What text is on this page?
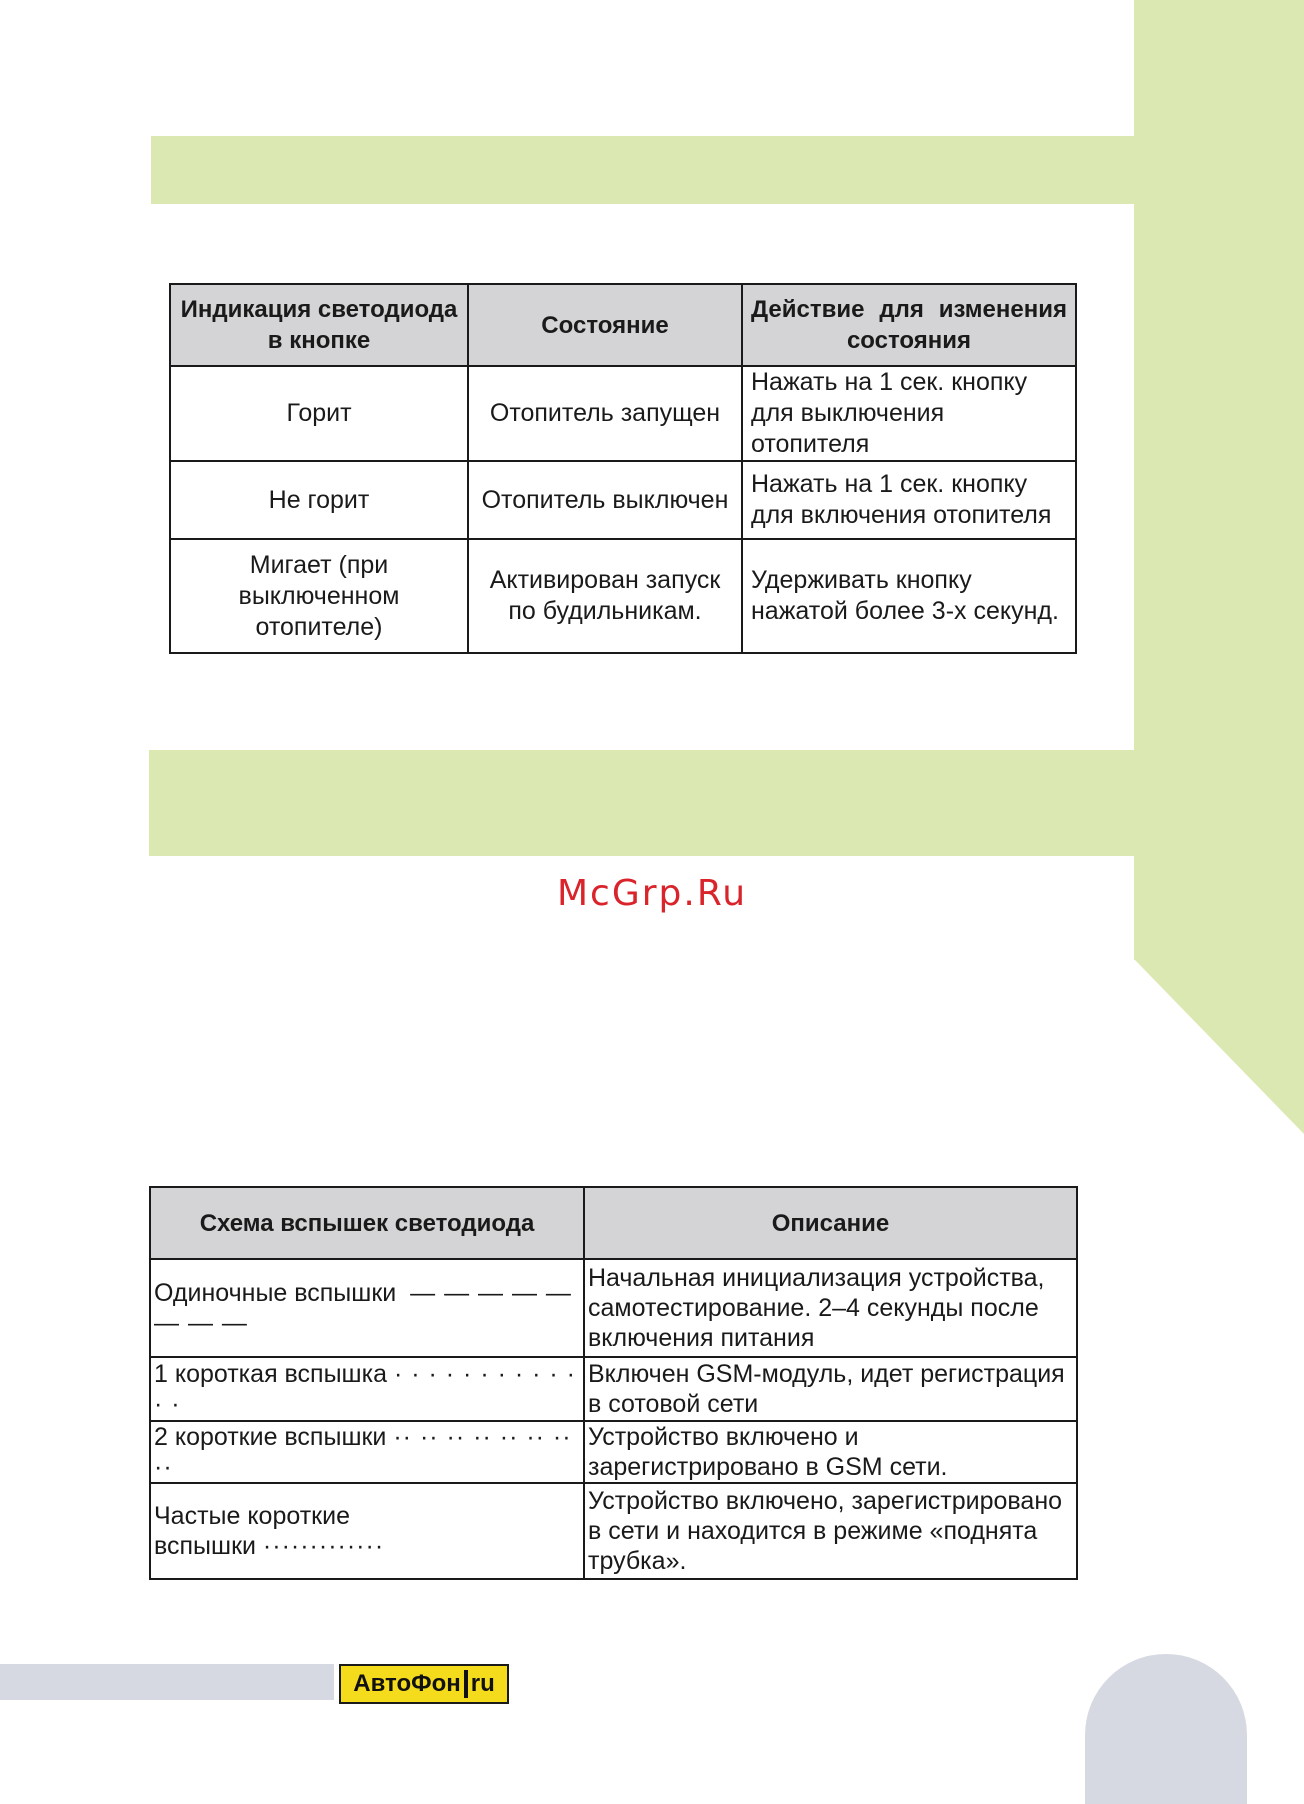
Индикация светодиода в кнопке	Состояние	Действие для изменения состояния
Горит	Отопитель запущен	Нажать на 1 сек. кнопку для выключения отопителя
Не горит	Отопитель выключен	Нажать на 1 сек. кнопку для включения отопителя
Мигает (при выключенном отопителе)	Активирован запуск по будильникам.	Удерживать кнопку нажатой более 3-х секунд.
McGrp.Ru
Схема вспышек светодиода	Описание
Одиночные вспышки — — — — — — — —	Начальная инициализация устройства, самотестирование. 2–4 секунды после включения питания
1 короткая вспышка · · · · · · · · · · · · ·	Включен GSM-модуль, идет регистрация в сотовой сети
2 короткие вспышки ·· ·· ·· ·· ·· ·· ·· ··	Устройство включено и зарегистрировано в GSM сети.
Частые короткие вспышки ·············	Устройство включено, зарегистрировано в сети и находится в режиме «поднята трубка».
АвтоФон ru
